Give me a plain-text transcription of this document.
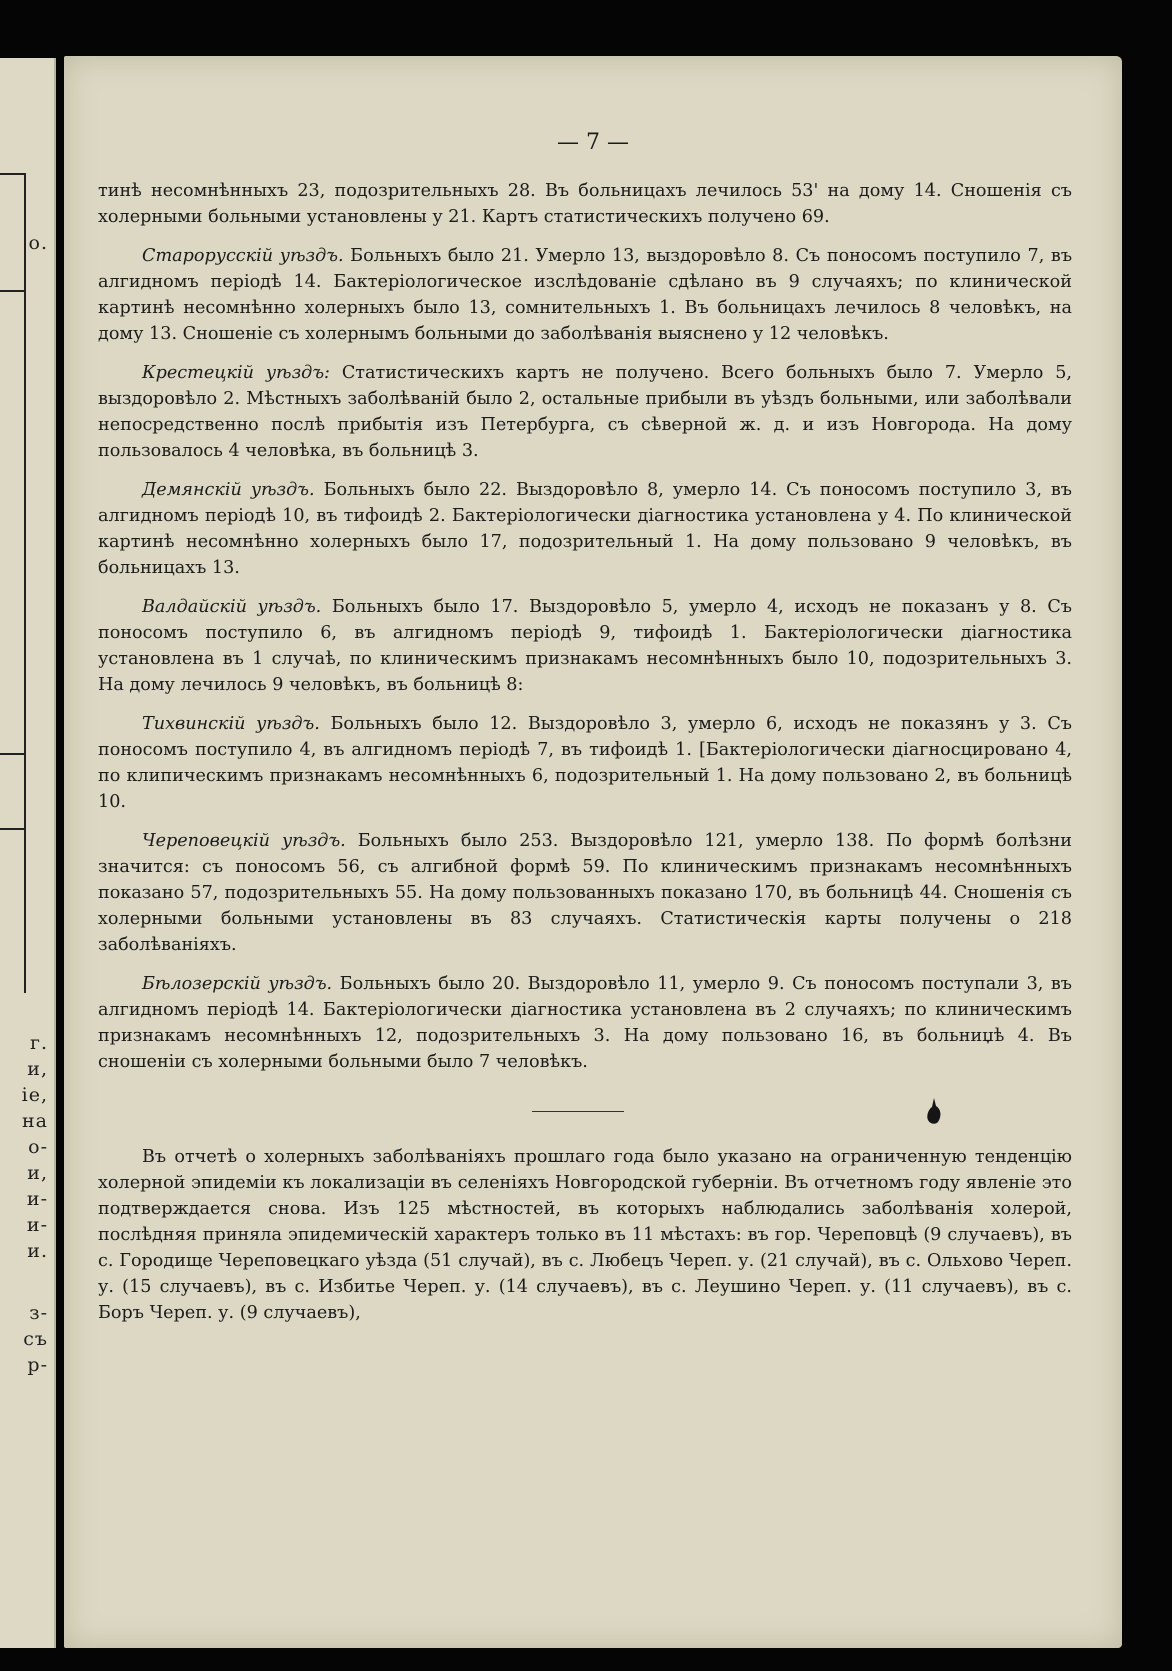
о.
г.
и,
іе,
на
о-
и,
и-
и-
и.
з-
съ
р-
— 7 —

тинѣ несомнѣнныхъ 23, подозрительныхъ 28. Въ больницахъ лечилось 53' на дому 14. Сношенія съ холерными больными установлены у 21. Картъ статистическихъ получено 69.

Старорусскій уѣздъ. Больныхъ было 21. Умерло 13, выздоровѣло 8. Съ поносомъ поступило 7, въ алгидномъ періодѣ 14. Бактеріологическое изслѣдованіе сдѣлано въ 9 случаяхъ; по клинической картинѣ несомнѣнно холерныхъ было 13, сомнительныхъ 1. Въ больницахъ лечилось 8 человѣкъ, на дому 13. Сношеніе съ холернымъ больными до заболѣванія выяснено у 12 человѣкъ.

Крестецкій уѣздъ: Статистическихъ картъ не получено. Всего больныхъ было 7. Умерло 5, выздоровѣло 2. Мѣстныхъ заболѣваній было 2, остальные прибыли въ уѣздъ больными, или заболѣвали непосредственно послѣ прибытія изъ Петербурга, съ сѣверной ж. д. и изъ Новгорода. На дому пользовалось 4 человѣка, въ больницѣ 3.

Демянскій уѣздъ. Больныхъ было 22. Выздоровѣло 8, умерло 14. Съ поносомъ поступило 3, въ алгидномъ періодѣ 10, въ тифоидѣ 2. Бактеріологически діагностика установлена у 4. По клинической картинѣ несомнѣнно холерныхъ было 17, подозрительный 1. На дому пользовано 9 человѣкъ, въ больницахъ 13.

Валдайскій уѣздъ. Больныхъ было 17. Выздоровѣло 5, умерло 4, исходъ не показанъ у 8. Съ поносомъ поступило 6, въ алгидномъ періодѣ 9, тифоидѣ 1. Бактеріологически діагностика установлена въ 1 случаѣ, по клиническимъ признакамъ несомнѣнныхъ было 10, подозрительныхъ 3. На дому лечилось 9 человѣкъ, въ больницѣ 8:

Тихвинскій уѣздъ. Больныхъ было 12. Выздоровѣло 3, умерло 6, исходъ не показянъ у 3. Съ поносомъ поступило 4, въ алгидномъ періодѣ 7, въ тифоидѣ 1. [Бактеріологически діагносцировано 4, по клипическимъ признакамъ несомнѣнныхъ 6, подозрительный 1. На дому пользовано 2, въ больницѣ 10.

Череповецкій уѣздъ. Больныхъ было 253. Выздоровѣло 121, умерло 138. По формѣ болѣзни значится: съ поносомъ 56, съ алгибной формѣ 59. По клиническимъ признакамъ несомнѣнныхъ показано 57, подозрительныхъ 55. На дому пользованныхъ показано 170, въ больницѣ 44. Сношенія съ холерными больными установлены въ 83 случаяхъ. Статистическія карты получены о 218 заболѣваніяхъ.

Бѣлозерскій уѣздъ. Больныхъ было 20. Выздоровѣло 11, умерло 9. Съ поносомъ поступали 3, въ алгидномъ періодѣ 14. Бактеріологически діагностика установлена въ 2 случаяхъ; по клиническимъ признакамъ несомнѣнныхъ 12, подозрительныхъ 3. На дому пользовано 16, въ больниџѣ 4. Въ сношеніи съ холерными больными было 7 человѣкъ.

Въ отчетѣ о холерныхъ заболѣваніяхъ прошлаго года было указано на ограниченную тенденцію холерной эпидеміи къ локализаціи въ селеніяхъ Новгородской губерніи. Въ отчетномъ году явленіе это подтверждается снова. Изъ 125 мѣстностей, въ которыхъ наблюдались заболѣванія холерой, послѣдняя приняла эпидемическій характеръ только въ 11 мѣстахъ: въ гор. Череповцѣ (9 случаевъ), въ с. Городище Череповецкаго уѣзда (51 случай), въ с. Любецъ Череп. у. (21 случай), въ с. Ольхово Череп. у. (15 случаевъ), въ с. Избитье Череп. у. (14 случаевъ), въ с. Леушино Череп. у. (11 случаевъ), въ с. Боръ Череп. у. (9 случаевъ),
